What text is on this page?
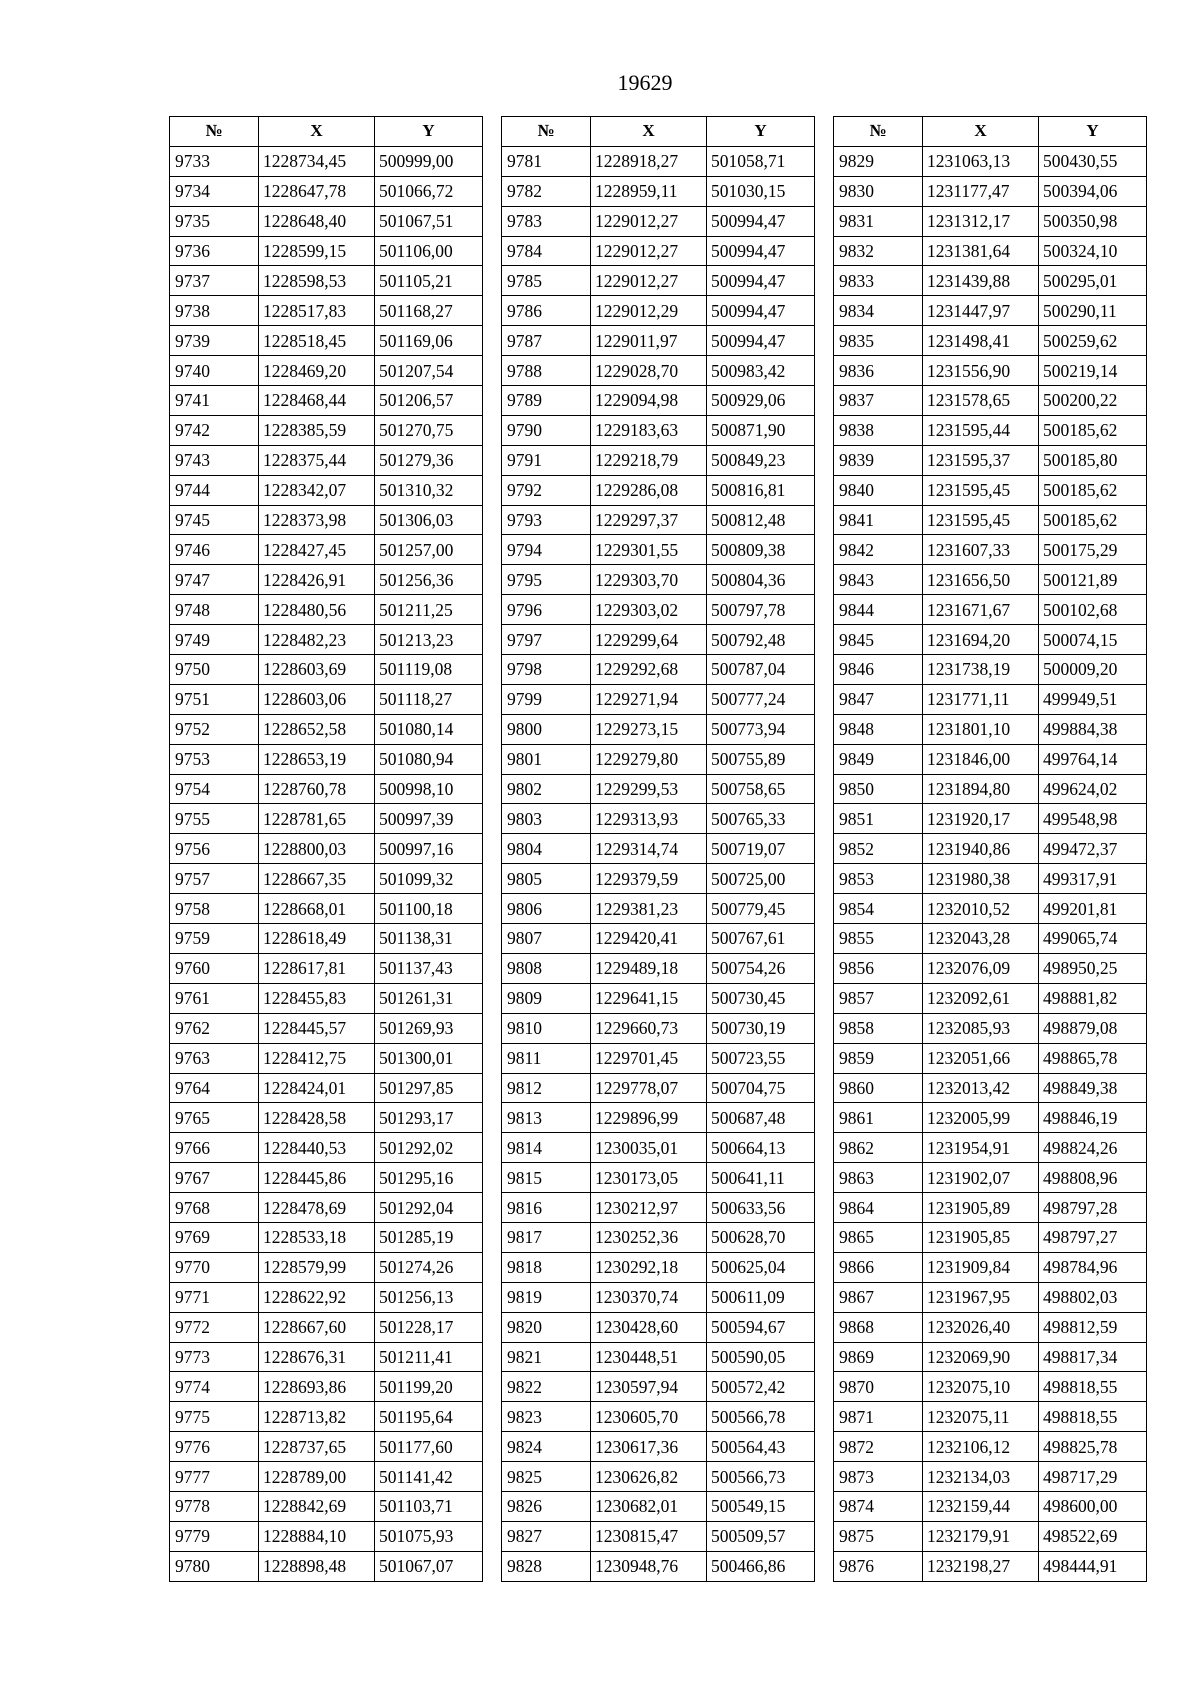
19629
№	X	Y
9733	1228734,45	500999,00
9734	1228647,78	501066,72
9735	1228648,40	501067,51
9736	1228599,15	501106,00
9737	1228598,53	501105,21
9738	1228517,83	501168,27
9739	1228518,45	501169,06
9740	1228469,20	501207,54
9741	1228468,44	501206,57
9742	1228385,59	501270,75
9743	1228375,44	501279,36
9744	1228342,07	501310,32
9745	1228373,98	501306,03
9746	1228427,45	501257,00
9747	1228426,91	501256,36
9748	1228480,56	501211,25
9749	1228482,23	501213,23
9750	1228603,69	501119,08
9751	1228603,06	501118,27
9752	1228652,58	501080,14
9753	1228653,19	501080,94
9754	1228760,78	500998,10
9755	1228781,65	500997,39
9756	1228800,03	500997,16
9757	1228667,35	501099,32
9758	1228668,01	501100,18
9759	1228618,49	501138,31
9760	1228617,81	501137,43
9761	1228455,83	501261,31
9762	1228445,57	501269,93
9763	1228412,75	501300,01
9764	1228424,01	501297,85
9765	1228428,58	501293,17
9766	1228440,53	501292,02
9767	1228445,86	501295,16
9768	1228478,69	501292,04
9769	1228533,18	501285,19
9770	1228579,99	501274,26
9771	1228622,92	501256,13
9772	1228667,60	501228,17
9773	1228676,31	501211,41
9774	1228693,86	501199,20
9775	1228713,82	501195,64
9776	1228737,65	501177,60
9777	1228789,00	501141,42
9778	1228842,69	501103,71
9779	1228884,10	501075,93
9780	1228898,48	501067,07
№	X	Y
9781	1228918,27	501058,71
9782	1228959,11	501030,15
9783	1229012,27	500994,47
9784	1229012,27	500994,47
9785	1229012,27	500994,47
9786	1229012,29	500994,47
9787	1229011,97	500994,47
9788	1229028,70	500983,42
9789	1229094,98	500929,06
9790	1229183,63	500871,90
9791	1229218,79	500849,23
9792	1229286,08	500816,81
9793	1229297,37	500812,48
9794	1229301,55	500809,38
9795	1229303,70	500804,36
9796	1229303,02	500797,78
9797	1229299,64	500792,48
9798	1229292,68	500787,04
9799	1229271,94	500777,24
9800	1229273,15	500773,94
9801	1229279,80	500755,89
9802	1229299,53	500758,65
9803	1229313,93	500765,33
9804	1229314,74	500719,07
9805	1229379,59	500725,00
9806	1229381,23	500779,45
9807	1229420,41	500767,61
9808	1229489,18	500754,26
9809	1229641,15	500730,45
9810	1229660,73	500730,19
9811	1229701,45	500723,55
9812	1229778,07	500704,75
9813	1229896,99	500687,48
9814	1230035,01	500664,13
9815	1230173,05	500641,11
9816	1230212,97	500633,56
9817	1230252,36	500628,70
9818	1230292,18	500625,04
9819	1230370,74	500611,09
9820	1230428,60	500594,67
9821	1230448,51	500590,05
9822	1230597,94	500572,42
9823	1230605,70	500566,78
9824	1230617,36	500564,43
9825	1230626,82	500566,73
9826	1230682,01	500549,15
9827	1230815,47	500509,57
9828	1230948,76	500466,86
№	X	Y
9829	1231063,13	500430,55
9830	1231177,47	500394,06
9831	1231312,17	500350,98
9832	1231381,64	500324,10
9833	1231439,88	500295,01
9834	1231447,97	500290,11
9835	1231498,41	500259,62
9836	1231556,90	500219,14
9837	1231578,65	500200,22
9838	1231595,44	500185,62
9839	1231595,37	500185,80
9840	1231595,45	500185,62
9841	1231595,45	500185,62
9842	1231607,33	500175,29
9843	1231656,50	500121,89
9844	1231671,67	500102,68
9845	1231694,20	500074,15
9846	1231738,19	500009,20
9847	1231771,11	499949,51
9848	1231801,10	499884,38
9849	1231846,00	499764,14
9850	1231894,80	499624,02
9851	1231920,17	499548,98
9852	1231940,86	499472,37
9853	1231980,38	499317,91
9854	1232010,52	499201,81
9855	1232043,28	499065,74
9856	1232076,09	498950,25
9857	1232092,61	498881,82
9858	1232085,93	498879,08
9859	1232051,66	498865,78
9860	1232013,42	498849,38
9861	1232005,99	498846,19
9862	1231954,91	498824,26
9863	1231902,07	498808,96
9864	1231905,89	498797,28
9865	1231905,85	498797,27
9866	1231909,84	498784,96
9867	1231967,95	498802,03
9868	1232026,40	498812,59
9869	1232069,90	498817,34
9870	1232075,10	498818,55
9871	1232075,11	498818,55
9872	1232106,12	498825,78
9873	1232134,03	498717,29
9874	1232159,44	498600,00
9875	1232179,91	498522,69
9876	1232198,27	498444,91
